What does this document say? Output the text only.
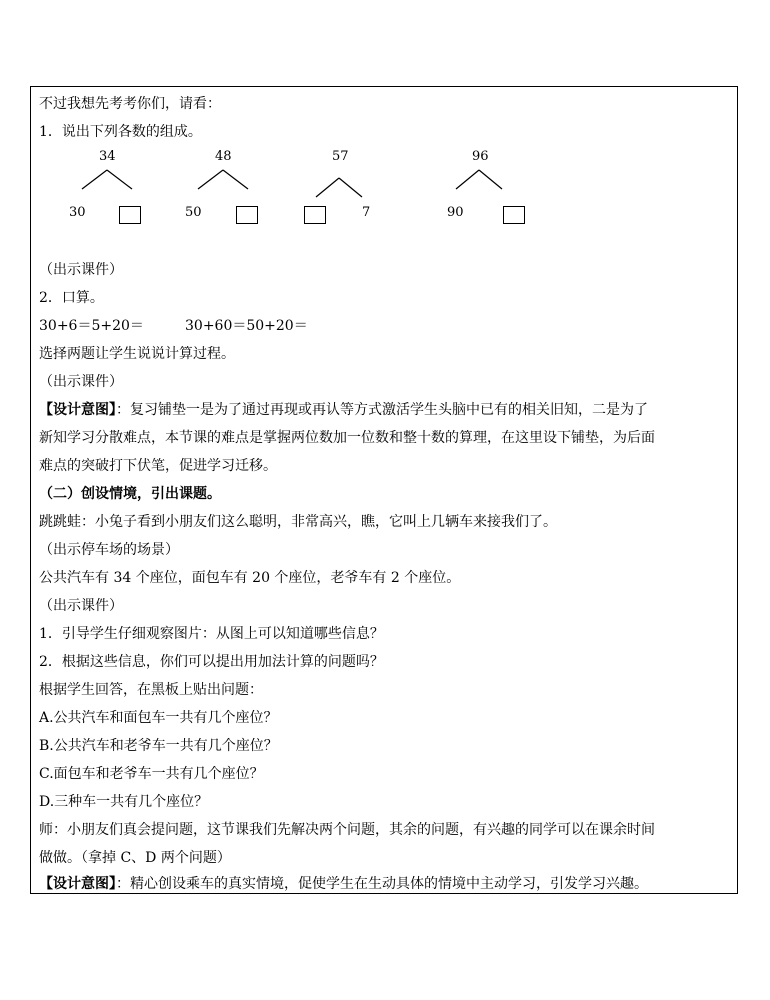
不过我想先考考你们，请看：
1．说出下列各数的组成。
34
30
48
50
57
7
96
90
（出示课件）
2．口算。
30+6＝5+20＝	30+60＝50+20＝
选择两题让学生说说计算过程。
（出示课件）
【设计意图】：复习铺垫一是为了通过再现或再认等方式激活学生头脑中已有的相关旧知，二是为了
新知学习分散难点，本节课的难点是掌握两位数加一位数和整十数的算理，在这里设下铺垫，为后面
难点的突破打下伏笔，促进学习迁移。
（二）创设情境，引出课题。
跳跳蛙：小兔子看到小朋友们这么聪明，非常高兴，瞧，它叫上几辆车来接我们了。
（出示停车场的场景）
公共汽车有 34 个座位，面包车有 20 个座位，老爷车有 2 个座位。
（出示课件）
1．引导学生仔细观察图片：从图上可以知道哪些信息？
2．根据这些信息，你们可以提出用加法计算的问题吗？
根据学生回答，在黑板上贴出问题：
A.公共汽车和面包车一共有几个座位？
B.公共汽车和老爷车一共有几个座位？
C.面包车和老爷车一共有几个座位？
D.三种车一共有几个座位？
师：小朋友们真会提问题，这节课我们先解决两个问题，其余的问题，有兴趣的同学可以在课余时间
做做。（拿掉 C、D 两个问题）
【设计意图】：精心创设乘车的真实情境，促使学生在生动具体的情境中主动学习，引发学习兴趣。
